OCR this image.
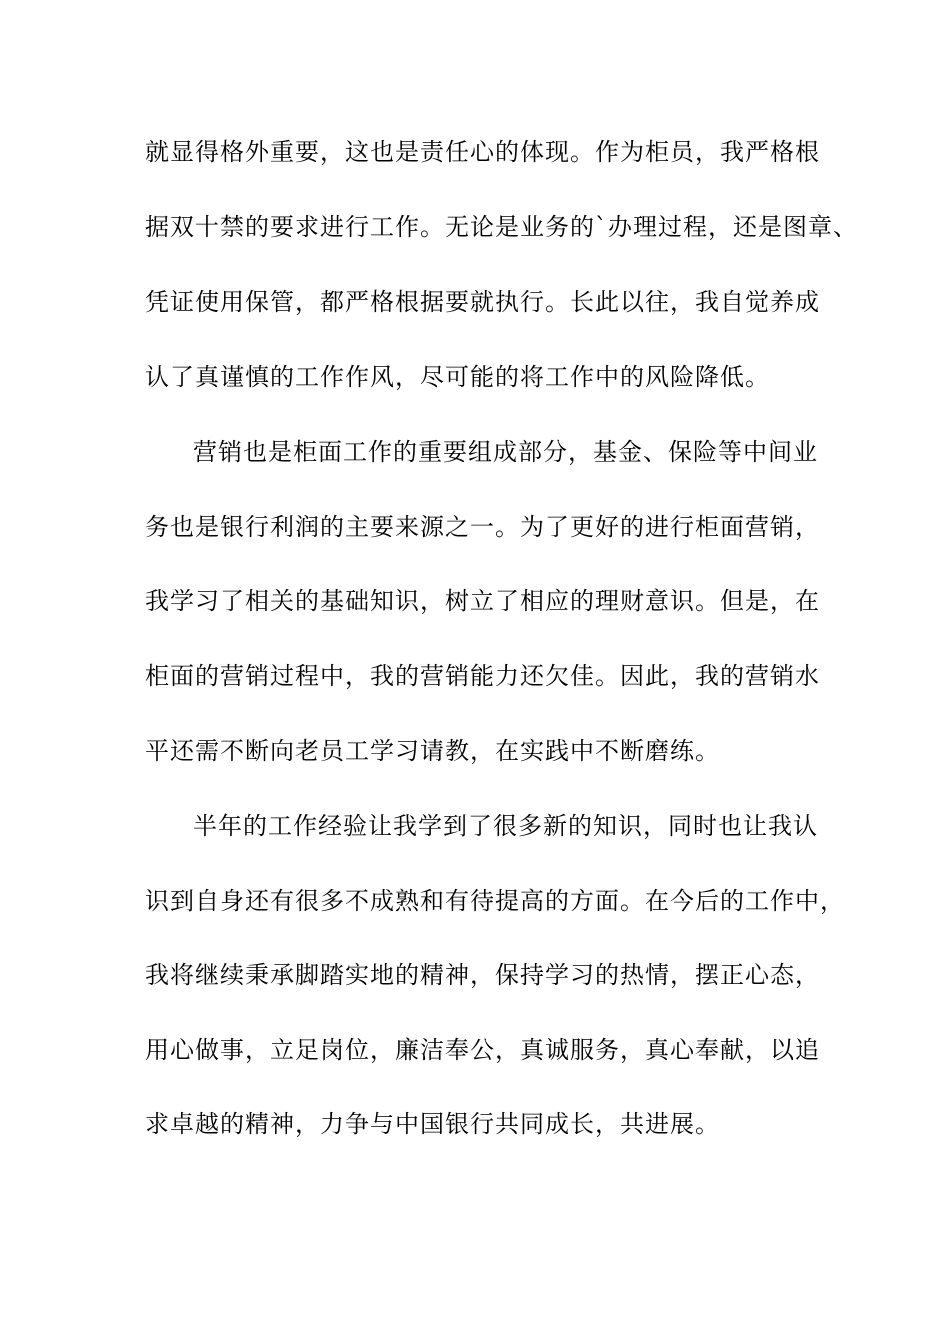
就显得格外重要，这也是责任心的体现。作为柜员，我严格根
据双十禁的要求进行工作。无论是业务的`办理过程，还是图章、
凭证使用保管，都严格根据要就执行。长此以往，我自觉养成
认了真谨慎的工作作风，尽可能的将工作中的风险降低。
营销也是柜面工作的重要组成部分，基金、保险等中间业
务也是银行利润的主要来源之一。为了更好的进行柜面营销，
我学习了相关的基础知识，树立了相应的理财意识。但是，在
柜面的营销过程中，我的营销能力还欠佳。因此，我的营销水
平还需不断向老员工学习请教，在实践中不断磨练。
半年的工作经验让我学到了很多新的知识，同时也让我认
识到自身还有很多不成熟和有待提高的方面。在今后的工作中，
我将继续秉承脚踏实地的精神，保持学习的热情，摆正心态，
用心做事，立足岗位，廉洁奉公，真诚服务，真心奉献，以追
求卓越的精神，力争与中国银行共同成长，共进展。
